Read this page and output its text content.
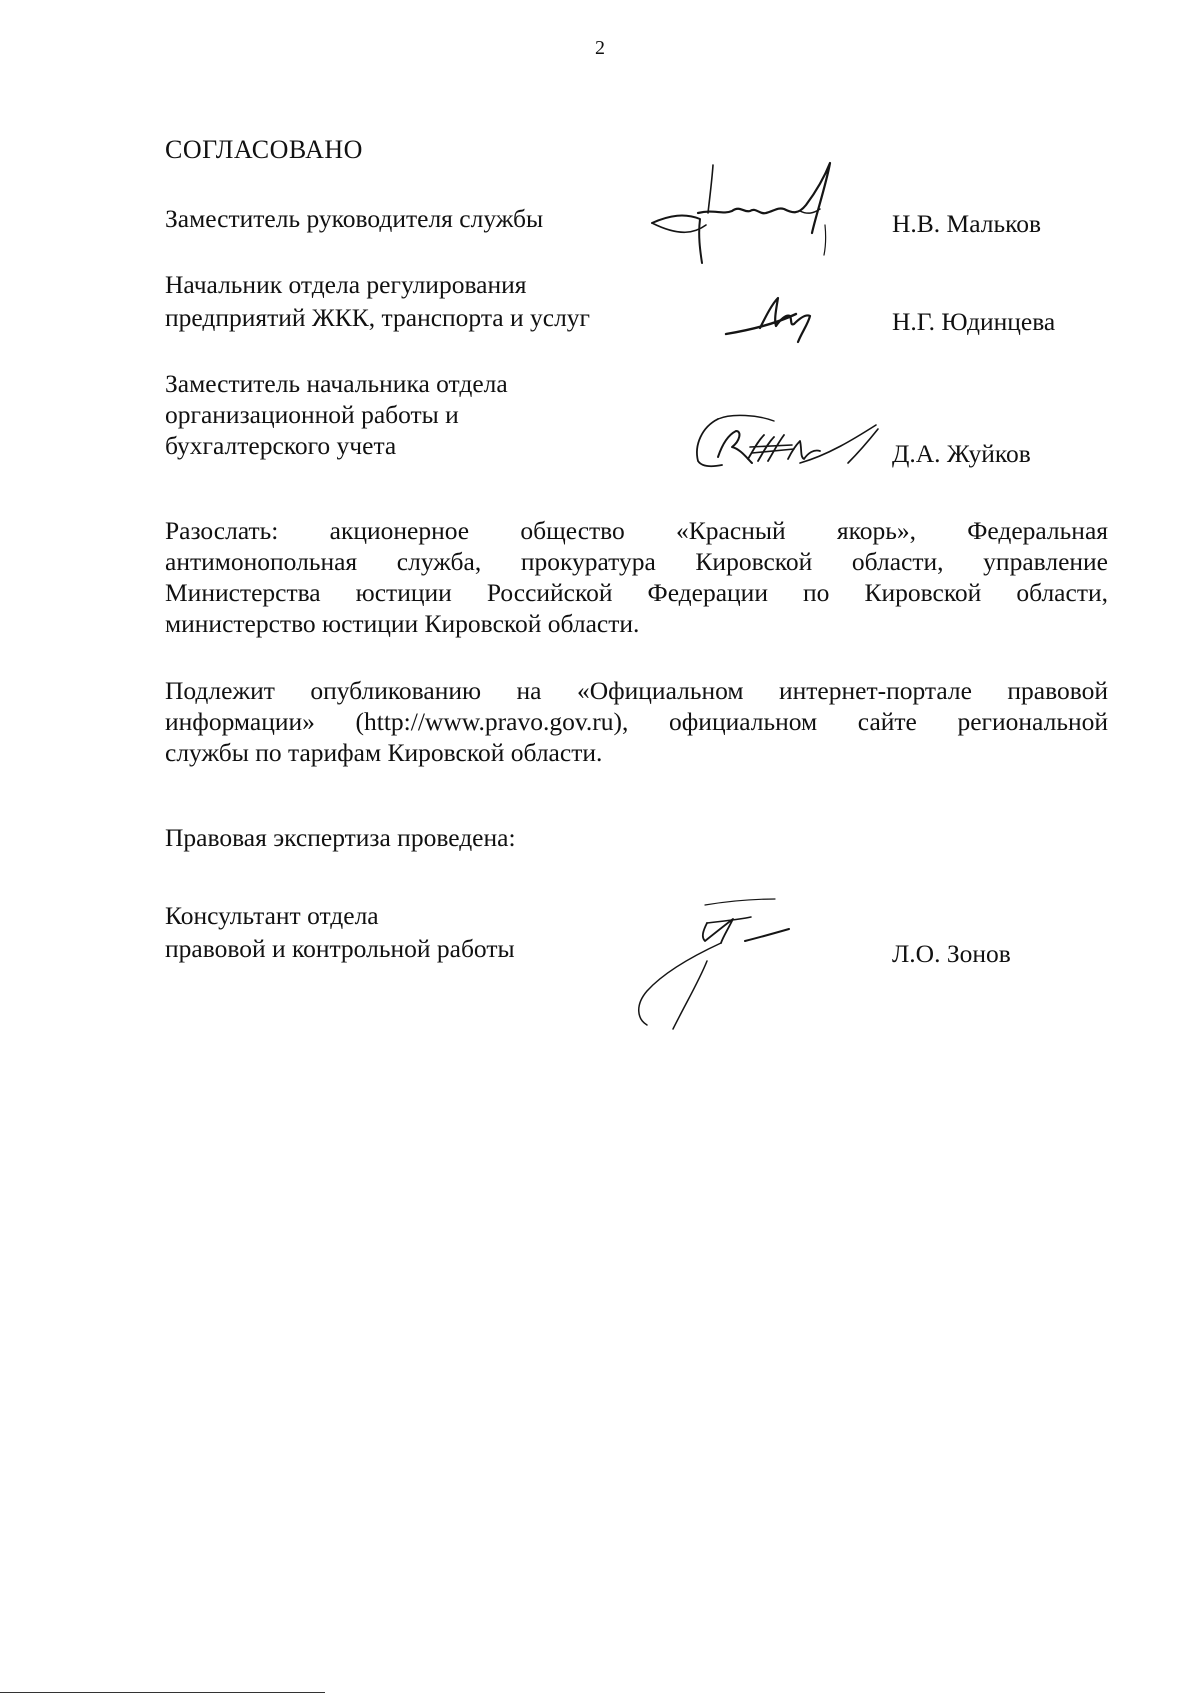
2
СОГЛАСОВАНО
Заместитель руководителя службы	Н.В. Мальков
Начальник отдела регулирования
предприятий ЖКК, транспорта и услуг	Н.Г. Юдинцева
Заместитель начальника отдела
организационной работы и
бухгалтерского учета	Д.А. Жуйков
Разослать: акционерное общество «Красный якорь», Федеральная
антимонопольная служба, прокуратура Кировской области, управление
Министерства юстиции Российской Федерации по Кировской области,
министерство юстиции Кировской области.
Подлежит опубликованию на «Официальном интернет-портале правовой
информации» (http://www.pravo.gov.ru), официальном сайте региональной
службы по тарифам Кировской области.
Правовая экспертиза проведена:
Консультант отдела
правовой и контрольной работы	Л.О. Зонов
